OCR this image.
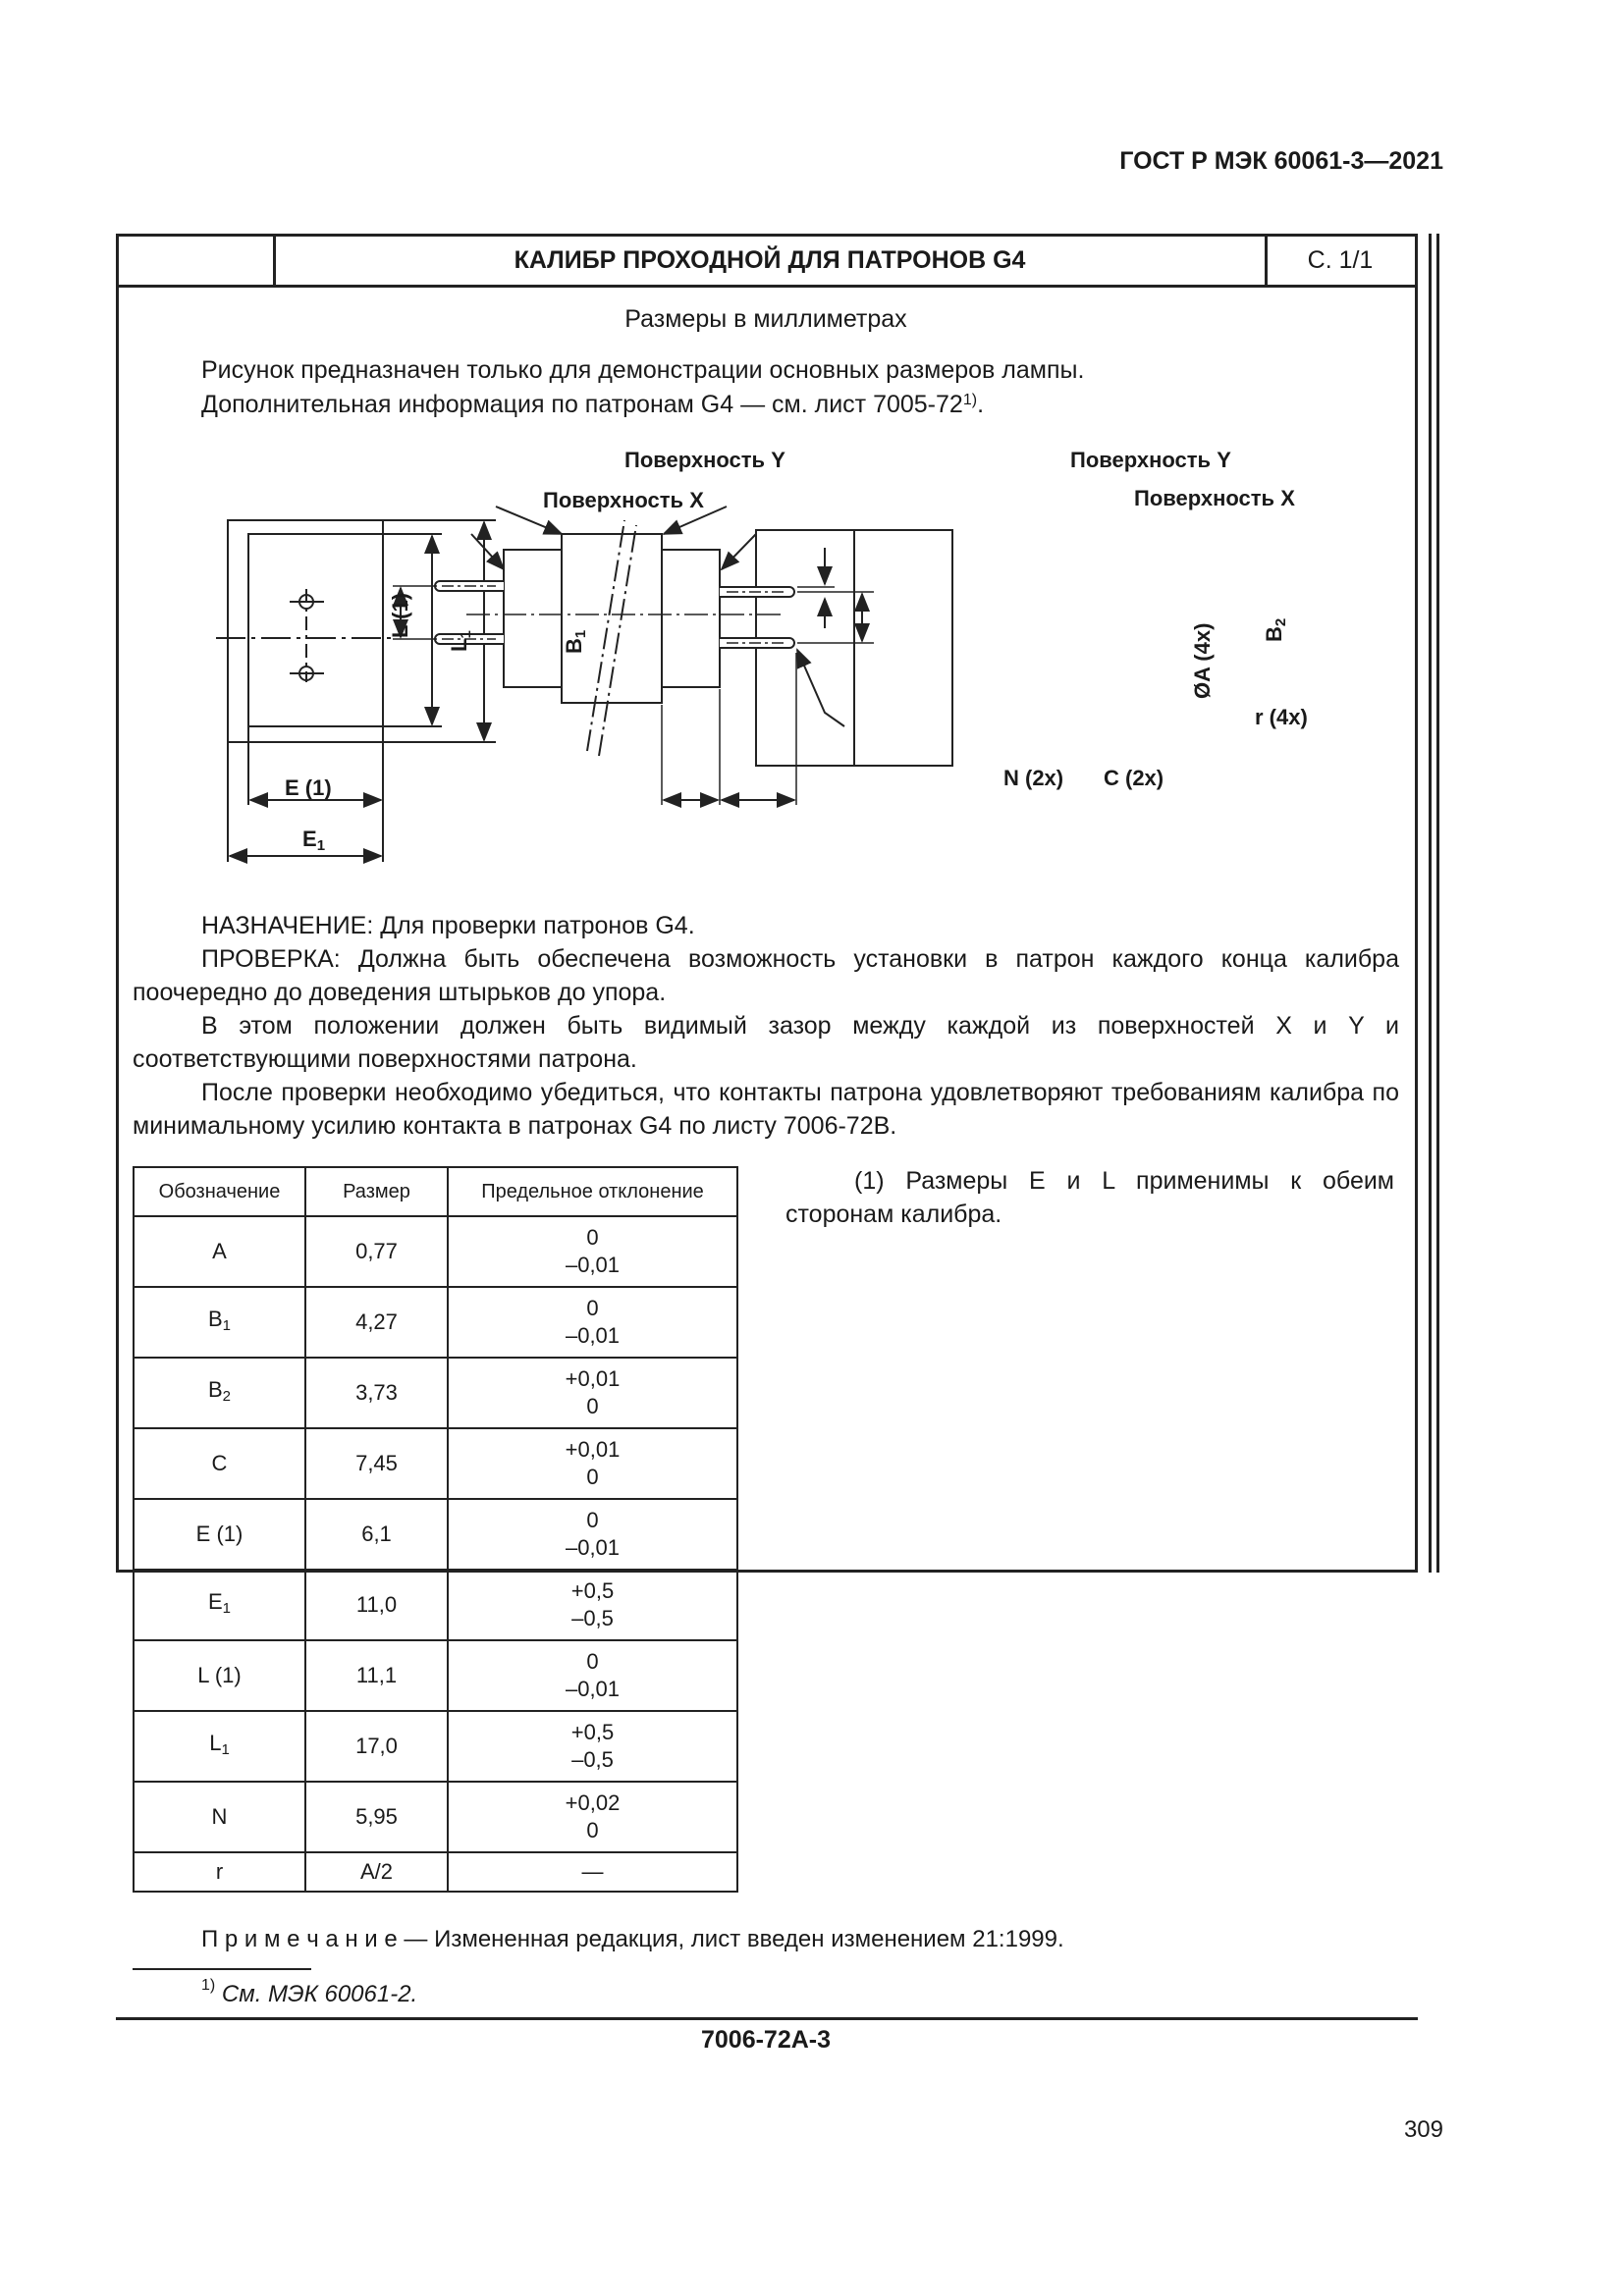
ГОСТ Р МЭК 60061-3—2021
КАЛИБР ПРОХОДНОЙ ДЛЯ ПАТРОНОВ G4	С. 1/1
Размеры в миллиметрах
Рисунок предназначен только для демонстрации основных размеров лампы.
Дополнительная информация по патронам G4 — см. лист 7005-72$^{1)}$.
Поверхность Y	Поверхность Y
Поверхность X	Поверхность X
L (1)
$L_1$
E (1)
$E_1$
$B_1$	$B_2$
ØA (4x)
r (4x)
N (2x) C (2x)
НАЗНАЧЕНИЕ: Для проверки патронов G4.
ПРОВЕРКА: Должна быть обеспечена возможность установки в патрон каждого конца калибра поочередно до доведения штырьков до упора.
В этом положении должен быть видимый зазор между каждой из поверхностей X и Y и соответствующими поверхностями патрона.
После проверки необходимо убедиться, что контакты патрона удовлетворяют требованиям калибра по минимальному усилию контакта в патронах G4 по листу 7006-72В.
Обозначение	Размер	Предельное отклонение
A	0,77	0
–0,01

$B_1$	4,27	0
–0,01

$B_2$	3,73	+0,01
0

C	7,45	+0,01
0

E (1)	6,1	0
–0,01

$E_1$	11,0	+0,5
–0,5

L (1)	11,1	0
–0,01

$L_1$	17,0	+0,5
–0,5

N	5,95	+0,02
0

r	A/2	—
(1) Размеры E и L применимы к обеим сторонам калибра.
П р и м е ч а н и е — Измененная редакция, лист введен изменением 21:1999.
$^{1)}$ См. МЭК 60061-2.
7006-72A-3
309
